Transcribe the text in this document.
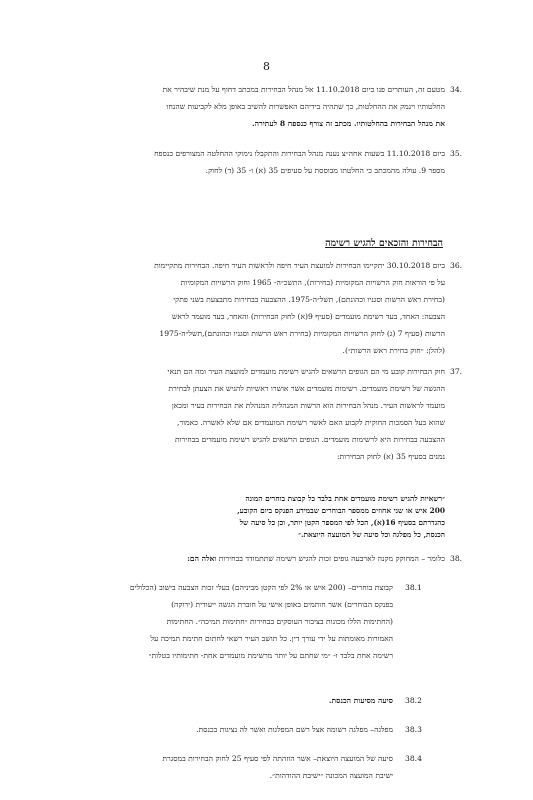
8
34.
מטעם זה, העותרים פנו ביום 11.10.2018 אל מנהל הבחירות במכתב דחוף על מנת שיבהיר את
החלטותיו וינמק את ההחלטות, כך שתהיה בידיהם האפשרות להשיב באופן מלא לקביעות שהנחו
את מנהל הבחירות בהחלטותיו. מכתב זה צורף כנספח 8 לעתירה.
35.
ביום 11.10.2018 בשעות אחה״צ נענה מנהל הבחירות והתקבלו נימוקי ההחלטה המצורפים כנספח
מספר 9. עולה מהמכתב כי החלטתו מבוססת על סעיפים 35 (א) ו- 35 (ד) לחוק.
הבחירות והזכאים להגיש רשימה
36.
ביום 30.10.2018 יתקיימו הבחירות למועצת העיר חיפה ולראשות העיר חיפה. הבחירות מתקיימות
על פי הוראות חוק הרשויות המקומיות (בחירות), התשכ״ה- 1965 וחוק הרשויות המקומיות
(בחירת ראש הרשות וסגניו וכהונתם), תשל״ה-1975. ההצבעה בבחירות מתבצעת בשני פתקי
הצבעה: האחד, בעד רשימת מועמדים (סעיף 9(א) לחוק הבחירות) והאחר, בעד מועמד לראש
הרשות (סעיף 7 (ג) לחוק הרשויות המקומיות (בחירת ראש הרשות וסגניו וכהונתם),תשל״ה-1975
(להלן: ״חוק בחירת ראש הרשות״).
37.
חוק הבחירות קובע מי הם הגופים הרשאים להגיש רשימת מועמדים למועצת העיר ומה הם תנאי
ההגשה של רשימת מועמדים. רשימות מועמדים אשר אושרו ראשיות להגיש את הצעתן לבחירת
מועמד לראשות העיר. מנהל הבחירות הוא הרשות המנהלית המנהלת את הבחירות בעיר ומכאן
שהוא בעל הסמכות החוקית לקבוע האם לאשר רשימת המועמדים אם שלא לאשרה. כאמור,
ההצבעה בבחירות היא לרשימות מועמדים. הגופים הרשאים להגיש רשימת מועמדים בבחירות
נמנים בסעיף 35 (א) לחוק הבחירות:
״רשאיות להגיש רשימת מועמדים אחת בלבד כל קבוצת בוחרים המונה
200 איש או שני אחוזים ממספר הבוחרים שבמידע הפנקס ביום הקובע,
כהגדרתם בסעיף 16(א), הכל לפי המספר הקטן יותר, וכן כל סיעה של
הכנסת, כל מפלגה וכל סיעה של המועצה היוצאת.״
38.
כלומר – המחוקק מקנה לארבעה גופים זכות להגיש רשימה שתתמודד בבחירות ואלה הם:
38.1
קבוצת בוחרים– (200 איש או 2% לפי הקטן מביניהם) בעלי זכות הצבעה בישוב (הכלולים
בפנקס הבוחרים) אשר חותמים באופן אישי על חוברת הגשה ייעודית (ירוקה)
(החתימות הללו מכונות בציבור העוסקים בבחירות ״חתימות תמיכה״. החתימות
האמורות מאומתות על ידי עורך דין. כל תושב העיר רשאי לחתום חתימת תמיכה על
רשימה אחת בלבד ו- ״מי שחתם על יותר מרשימת מועמדים אחת- חתימותיו בטלות״
38.2
סיעה מסיעות הכנסת.
38.3
מפלגה– מפלגה רשומה אצל רשם המפלגות ואשר לה נציגות בכנסת.
38.4
סיעה של המועצה היוצאת– אשר הוזהתה לפי סעיף 25 לחוק הבחירות במסגרת
ישיבת המועצה המכונה ״ישיבת ההודהות״.
